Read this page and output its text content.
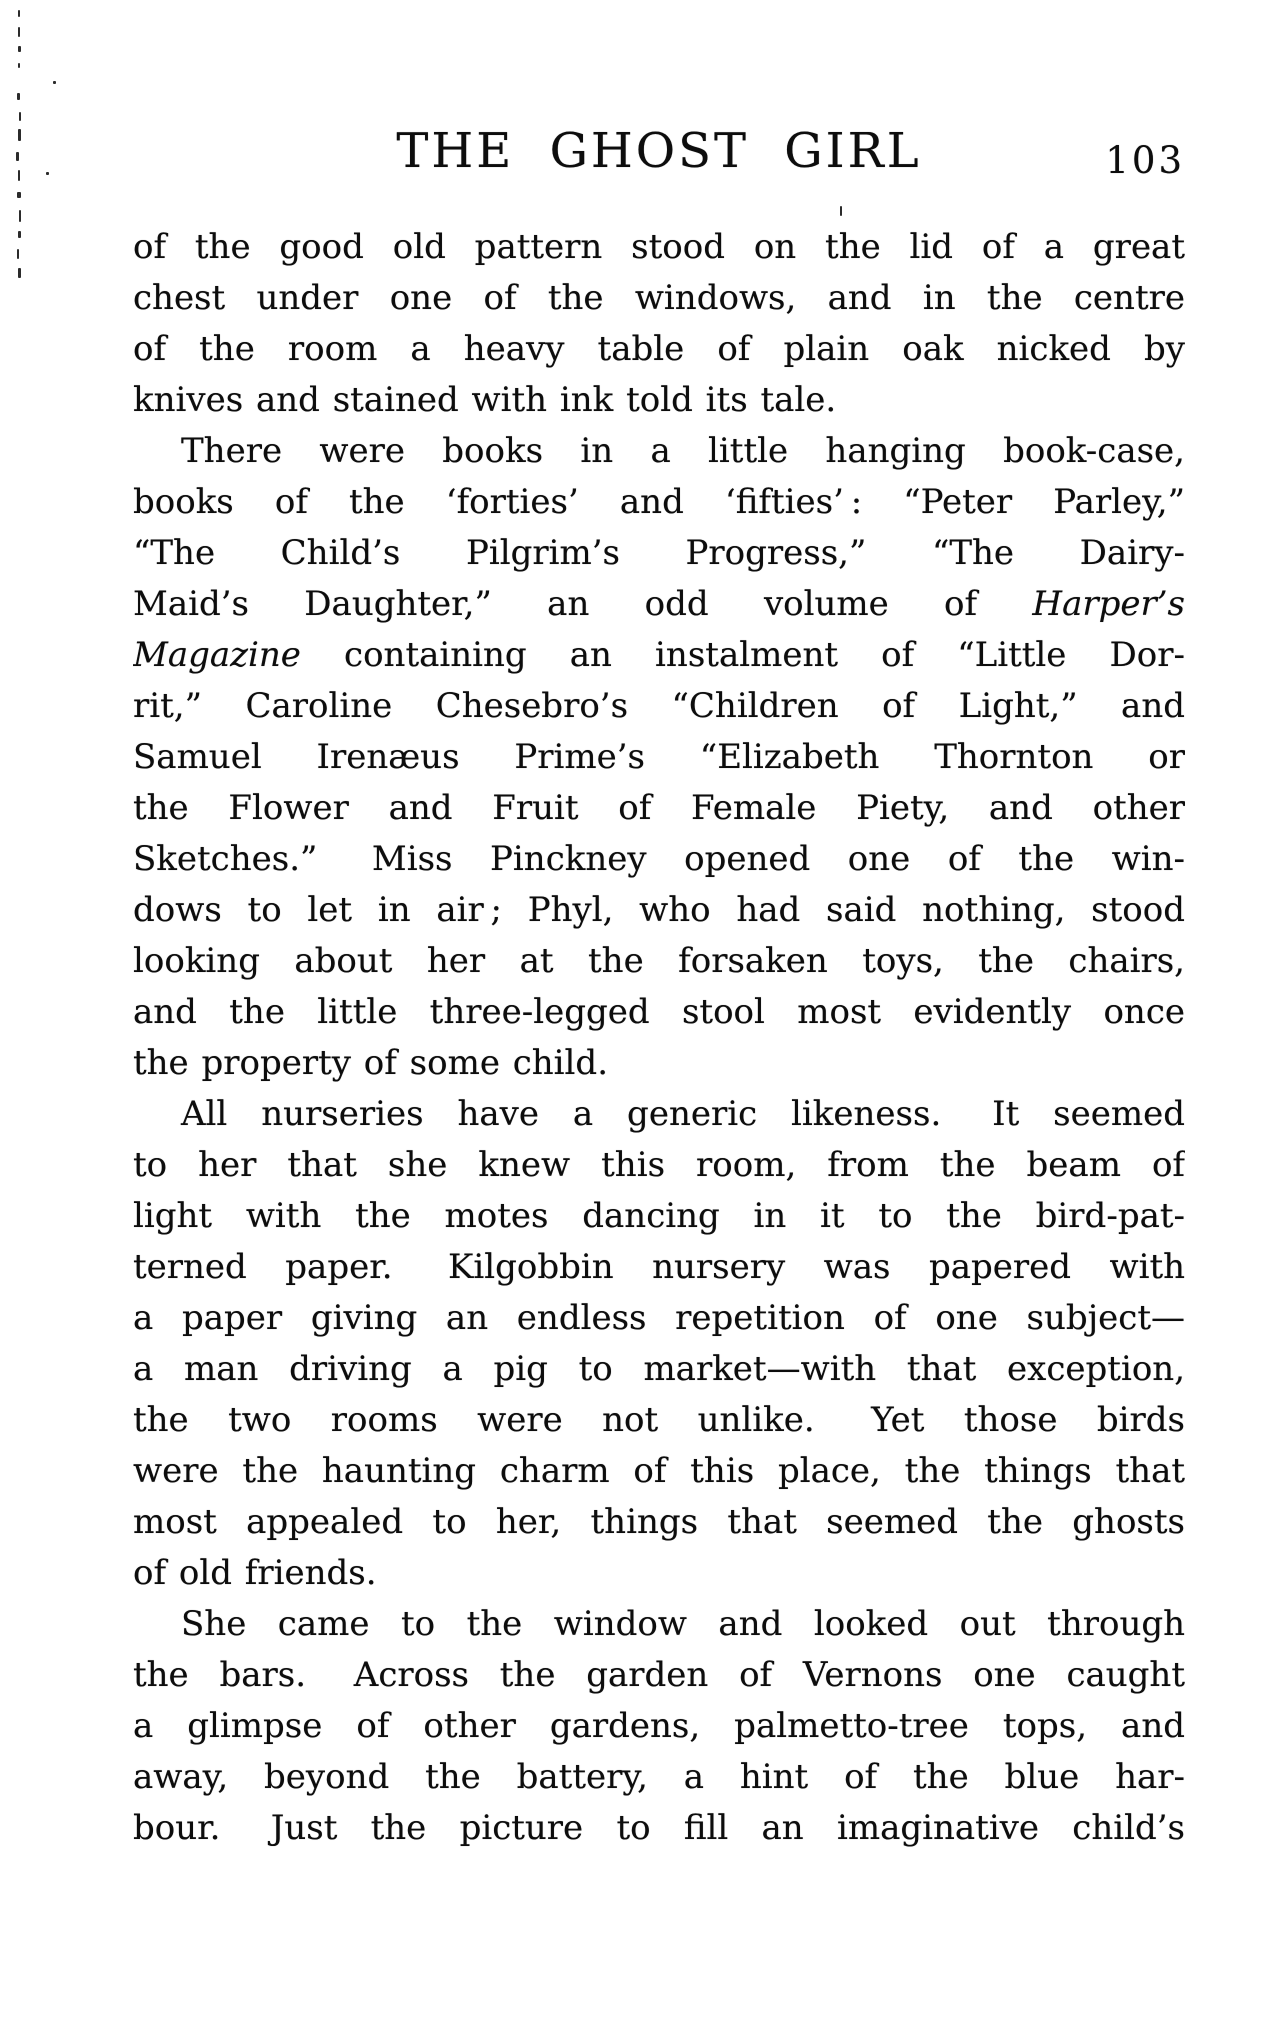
THE GHOST GIRL	103
of the good old pattern stood on the lid of a great
chest under one of the windows, and in the centre
of the room a heavy table of plain oak nicked by
knives and stained with ink told its tale.
There were books in a little hanging book-case,
books of the ‘forties’ and ‘fifties’ : “Peter Parley,”
“The Child’s Pilgrim’s Progress,” “The Dairy-
Maid’s Daughter,” an odd volume of Harper’s
Magazine containing an instalment of “Little Dor-
rit,” Caroline Chesebro’s “Children of Light,” and
Samuel Irenæus Prime’s “Elizabeth Thornton or
the Flower and Fruit of Female Piety, and other
Sketches.”  Miss Pinckney opened one of the win-
dows to let in air ; Phyl, who had said nothing, stood
looking about her at the forsaken toys, the chairs,
and the little three-legged stool most evidently once
the property of some child.
All nurseries have a generic likeness.  It seemed
to her that she knew this room, from the beam of
light with the motes dancing in it to the bird-pat-
terned paper.  Kilgobbin nursery was papered with
a paper giving an endless repetition of one subject—
a man driving a pig to market—with that exception,
the two rooms were not unlike.  Yet those birds
were the haunting charm of this place, the things that
most appealed to her, things that seemed the ghosts
of old friends.
She came to the window and looked out through
the bars.  Across the garden of Vernons one caught
a glimpse of other gardens, palmetto-tree tops, and
away, beyond the battery, a hint of the blue har-
bour.  Just the picture to fill an imaginative child’s
